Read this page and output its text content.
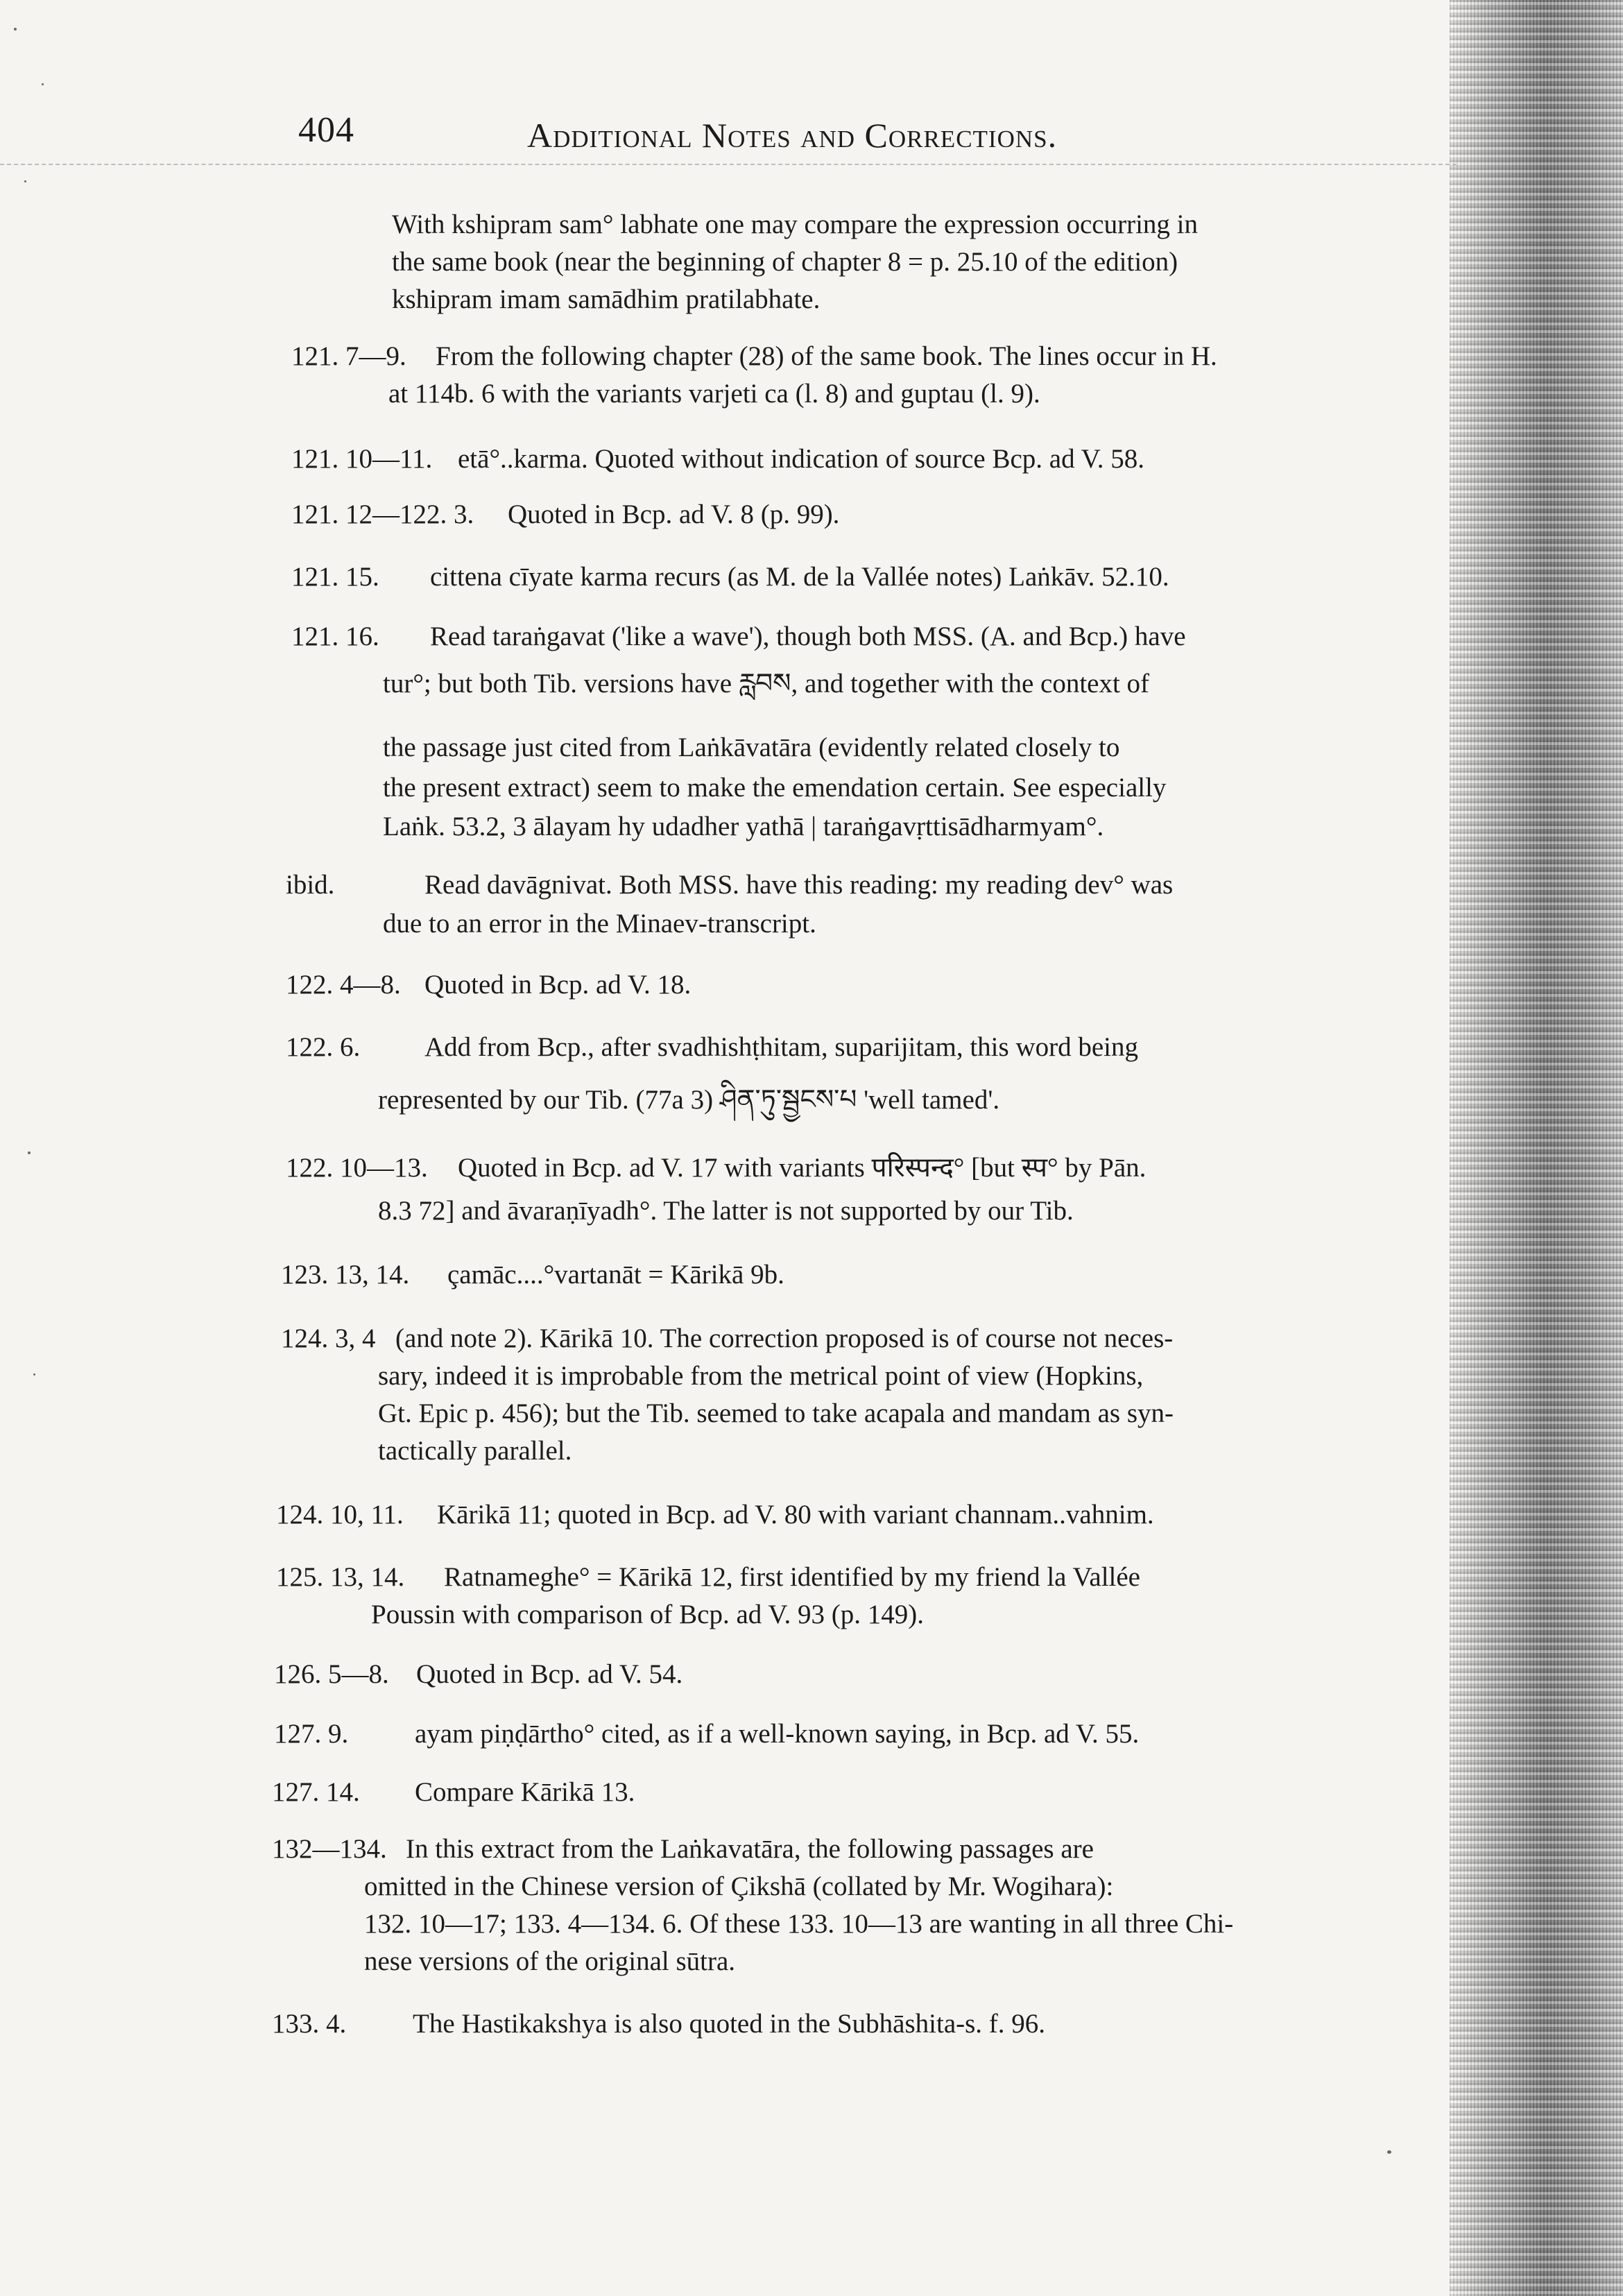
404	Additional Notes and Corrections.
With kshipram sam° labhate one may compare the expression occurring in
the same book (near the beginning of chapter 8 = p. 25.10 of the edition)
kshipram imam samādhim pratilabhate.
121. 7—9. From the following chapter (28) of the same book. The lines occur in H.
at 114b. 6 with the variants varjeti ca (l. 8) and guptau (l. 9).
121. 10—11. etā°..karma. Quoted without indication of source Bcp. ad V. 58.
121. 12—122. 3. Quoted in Bcp. ad V. 8 (p. 99).
121. 15. cittena cīyate karma recurs (as M. de la Vallée notes) Laṅkāv. 52.10.
121. 16. Read taraṅgavat ('like a wave'), though both MSS. (A. and Bcp.) have
tur°; but both Tib. versions have རླབས, and together with the context of
the passage just cited from Laṅkāvatāra (evidently related closely to
the present extract) seem to make the emendation certain. See especially
Laṅk. 53.2, 3 ālayam hy udadher yathā | taraṅgavṛttisādharmyam°.
ibid.	Read davāgnivat. Both MSS. have this reading: my reading dev° was
due to an error in the Minaev-transcript.
122. 4—8. Quoted in Bcp. ad V. 18.
122. 6. Add from Bcp., after svadhishṭhitam, suparijitam, this word being
represented by our Tib. (77a 3) ཤིན་ཏུ་སྦྱངས་པ 'well tamed'.
122. 10—13. Quoted in Bcp. ad V. 17 with variants परिस्पन्द° [but स्प° by Pān.
8.3 72] and āvaraṇīyadh°. The latter is not supported by our Tib.
123. 13, 14. çamāc....°vartanāt = Kārikā 9b.
124. 3, 4 (and note 2). Kārikā 10. The correction proposed is of course not neces-
sary, indeed it is improbable from the metrical point of view (Hopkins,
Gt. Epic p. 456); but the Tib. seemed to take acapala and mandam as syn-
tactically parallel.
124. 10, 11. Kārikā 11; quoted in Bcp. ad V. 80 with variant channam..vahnim.
125. 13, 14. Ratnameghe° = Kārikā 12, first identified by my friend la Vallée
Poussin with comparison of Bcp. ad V. 93 (p. 149).
126. 5—8. Quoted in Bcp. ad V. 54.
127. 9. ayam piṇḍārtho° cited, as if a well-known saying, in Bcp. ad V. 55.
127. 14. Compare Kārikā 13.
132—134. In this extract from the Laṅkavatāra, the following passages are
omitted in the Chinese version of Çikshā (collated by Mr. Wogihara):
132. 10—17; 133. 4—134. 6. Of these 133. 10—13 are wanting in all three Chi-
nese versions of the original sūtra.
133. 4. The Hastikakshya is also quoted in the Subhāshita-s. f. 96.
